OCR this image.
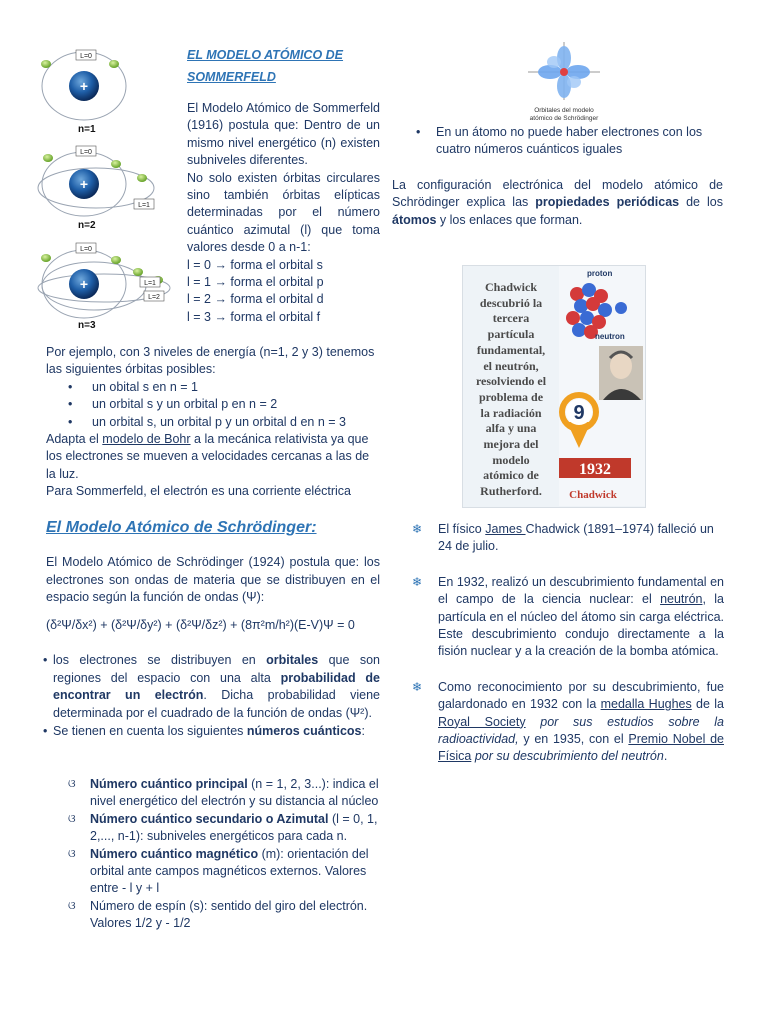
+
L=0
n=1
+
L=0
L=1
n=2
+
L=0
L=1
L=2
n=3
EL MODELO ATÓMICO DE SOMMERFELD
El Modelo Atómico de Sommerfeld (1916) postula que: Dentro de un mismo nivel energético (n) existen subniveles diferentes.
No solo existen órbitas circulares sino también órbitas elípticas determinadas por el número cuántico azimutal (l) que toma valores desde 0 a n-1:
l = 0 → forma el orbital s
l = 1 → forma el orbital p
l = 2 → forma el orbital d
l = 3 → forma el orbital f
Por ejemplo, con 3 niveles de energía (n=1, 2 y 3) tenemos las siguientes órbitas posibles:
• un obital s en n = 1
• un orbital s y un orbital p en n = 2
• un orbital s, un orbital p y un orbital d en n = 3
Adapta el modelo de Bohr a la mecánica relativista ya que los electrones se mueven a velocidades cercanas a las de la luz.
Para Sommerfeld, el electrón es una corriente eléctrica
Orbitales del modelo
atómico de Schrödinger
• En un átomo no puede haber electrones con los cuatro números cuánticos iguales
La configuración electrónica del modelo atómico de Schrödinger explica las propiedades periódicas de los átomos y los enlaces que forman.
Chadwick
descubrió la
tercera
partícula
fundamental,
el neutrón,
resolviendo el
problema de
la radiación
alfa y una
mejora del
modelo
atómico de
Rutherford.
proton
neutron
9
1932
Chadwick
El Modelo Atómico de Schrödinger:
El Modelo Atómico de Schrödinger (1924) postula que: los electrones son ondas de materia que se distribuyen en el espacio según la función de ondas (Ψ):
(δ²Ψ/δx²) + (δ²Ψ/δy²) + (δ²Ψ/δz²) + (8π²m/h²)(E-V)Ψ = 0
• los electrones se distribuyen en orbitales que son regiones del espacio con una alta probabilidad de encontrar un electrón. Dicha probabilidad viene determinada por el cuadrado de la función de ondas (Ψ²).
• Se tienen en cuenta los siguientes números cuánticos:
ଓ Número cuántico principal (n = 1, 2, 3...): indica el nivel energético del electrón y su distancia al núcleo
ଓ Número cuántico secundario o Azimutal (l = 0, 1, 2,..., n-1): subniveles energéticos para cada n.
ଓ Número cuántico magnético (m): orientación del orbital ante campos magnéticos externos. Valores entre - l y + l
ଓ Número de espín (s): sentido del giro del electrón. Valores 1/2 y - 1/2
❄ El físico James Chadwick (1891–1974) falleció un 24 de julio.
❄ En 1932, realizó un descubrimiento fundamental en el campo de la ciencia nuclear: el neutrón, la partícula en el núcleo del átomo sin carga eléctrica. Este descubrimiento condujo directamente a la fisión nuclear y a la creación de la bomba atómica.
❄ Como reconocimiento por su descubrimiento, fue galardonado en 1932 con la medalla Hughes de la Royal Society por sus estudios sobre la radioactividad, y en 1935, con el Premio Nobel de Física por su descubrimiento del neutrón.
